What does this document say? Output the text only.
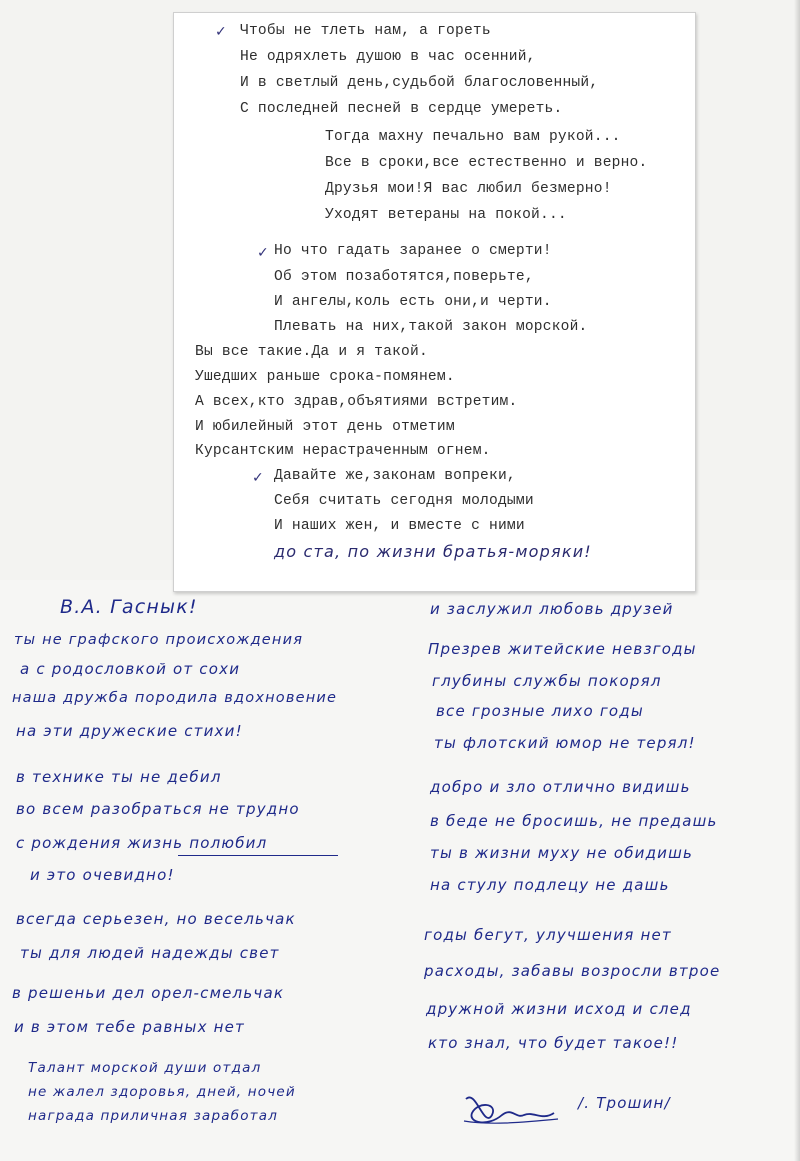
✓ Чтобы не тлеть нам, а гореть
Не одряхлеть душою в час осенний,
И в светлый день,судьбой благословенный,
С последней песней в сердце умереть.
Тогда махну печально вам рукой...
Все в сроки,все естественно и верно.
Друзья мои!Я вас любил безмерно!
Уходят ветераны на покой...
✓ Но что гадать заранее о смерти!
Об этом позаботятся,поверьте,
И ангелы,коль есть они,и черти.
Плевать на них,такой закон морской.
Вы все такие.Да и я такой.
Ушедших раньше срока-помянем.
А всех,кто здрав,объятиями встретим.
И юбилейный этот день отметим
Курсантским нерастраченным огнем.
✓ Давайте же,законам вопреки,
Себя считать сегодня молодыми
И наших жен, и вместе с ними
до ста, по жизни братья-моряки!
В.А. Гаснык!
ты не графского происхождения
а с родословкой от сохи
наша дружба породила вдохновение
на эти дружеские стихи!
в технике ты не дебил
во всем разобраться не трудно
с рождения жизнь полюбил
и это очевидно!
всегда серьезен, но весельчак
ты для людей надежды свет
в решеньи дел орел-смельчак
и в этом тебе равных нет
Талант морской души отдал
не жалел здоровья, дней, ночей
награда приличная заработал
и заслужил любовь друзей
Презрев житейские невзгоды
глубины службы покорял
все грозные лихо годы
ты флотский юмор не терял!
добро и зло отлично видишь
в беде не бросишь, не предашь
ты в жизни муху не обидишь
на стулу подлецу не дашь
годы бегут, улучшения нет
расходы, забавы возросли втрое
дружной жизни исход и след
кто знал, что будет такое!!
/. Трошин/
